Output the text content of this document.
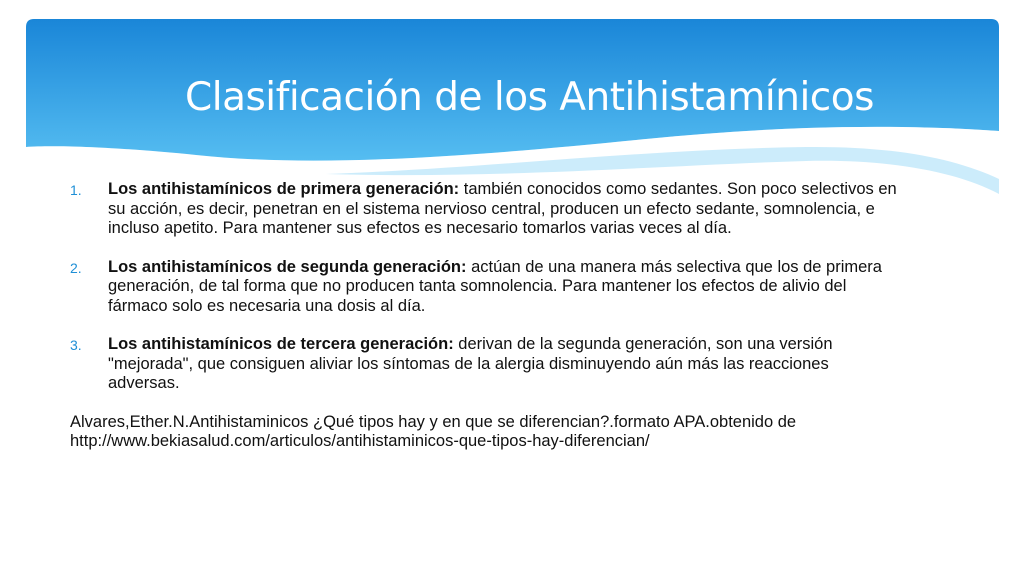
Clasificación de los Antihistamínicos
1. Los antihistamínicos de primera generación: también conocidos como sedantes. Son poco selectivos en su acción, es decir, penetran en el sistema nervioso central, producen un efecto sedante, somnolencia, e incluso apetito. Para mantener sus efectos es necesario tomarlos varias veces al día.
2. Los antihistamínicos de segunda generación: actúan de una manera más selectiva que los de primera generación, de tal forma que no producen tanta somnolencia. Para mantener los efectos de alivio del fármaco solo es necesaria una dosis al día.
3. Los antihistamínicos de tercera generación: derivan de la segunda generación, son una versión "mejorada", que consiguen aliviar los síntomas de la alergia disminuyendo aún más las reacciones adversas.
Alvares,Ether.N.Antihistaminicos ¿Qué tipos hay y en que se diferencian?.formato APA.obtenido de http://www.bekiasalud.com/articulos/antihistaminicos-que-tipos-hay-diferencian/
